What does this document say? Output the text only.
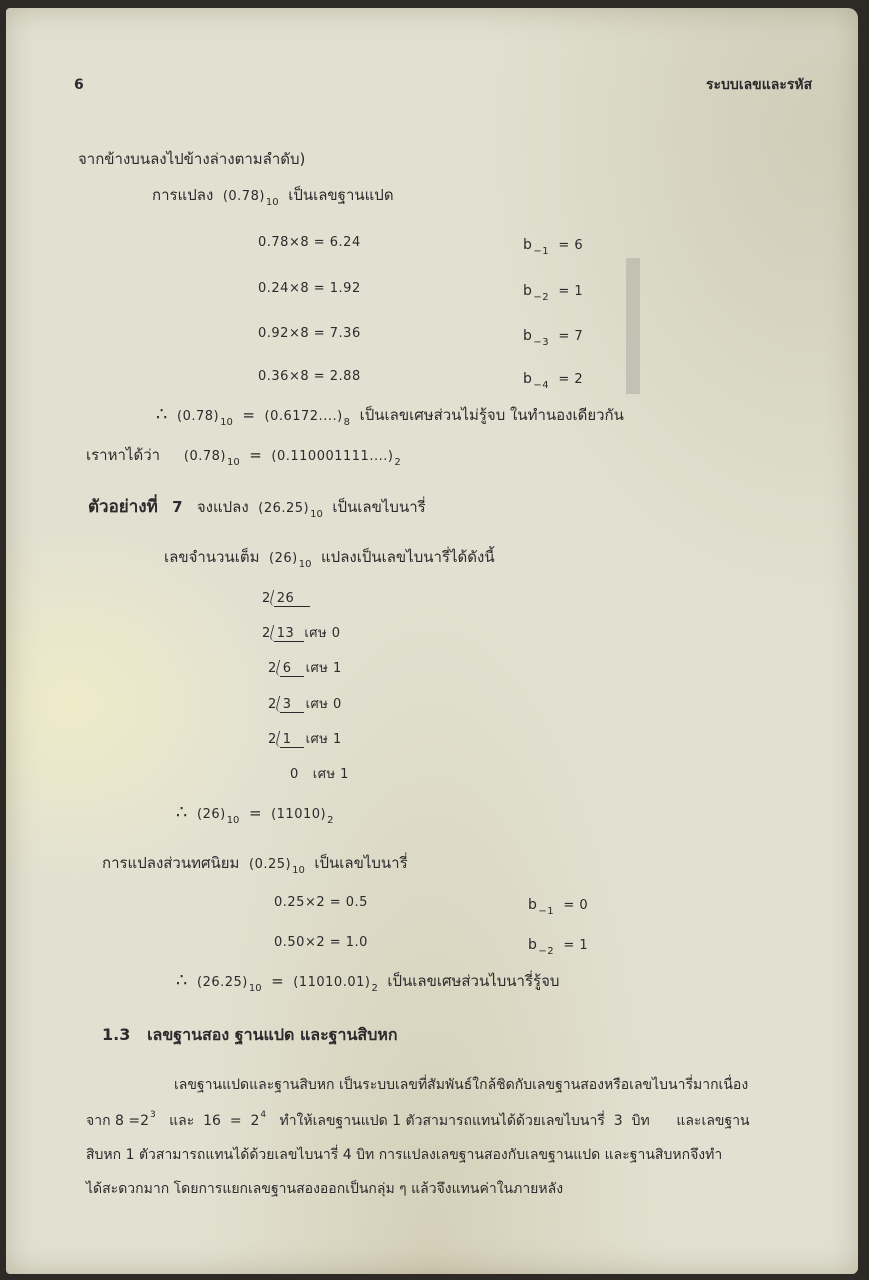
6	ระบบเลขและรหัส
จากข้างบนลงไปข้างล่างตามลำดับ)
การแปลง $(0.78)_{10}$ เป็นเลขฐานแปด
0.78×8 = 6.24	$b_{-1} = 6$
0.24×8 = 1.92	$b_{-2} = 1$
0.92×8 = 7.36	$b_{-3} = 7$
0.36×8 = 2.88	$b_{-4} = 2$
∴ $(0.78)_{10} = (0.6172....)_8$ เป็นเลขเศษส่วนไม่รู้จบ ในทำนองเดียวกัน
เราหาได้ว่า $(0.78)_{10} = (0.110001111....)_2$
ตัวอย่างที่ 7 จงแปลง $(26.25)_{10}$ เป็นเลขไบนารี่
เลขจำนวนเต็ม $(26)_{10}$ แปลงเป็นเลขไบนารี่ได้ดังนี้
2 26
2 13 เศษ 0
2 6 เศษ 1
2 3 เศษ 0
2 1 เศษ 1
0 เศษ 1
∴ $(26)_{10} = (11010)_2$
การแปลงส่วนทศนิยม $(0.25)_{10}$ เป็นเลขไบนารี่
0.25×2 = 0.5	$b_{-1} = 0$
0.50×2 = 1.0	$b_{-2} = 1$
∴ $(26.25)_{10} = (11010.01)_2$ เป็นเลขเศษส่วนไบนารี่รู้จบ
1.3 เลขฐานสอง ฐานแปด และฐานสิบหก
เลขฐานแปดและฐานสิบหก เป็นระบบเลขที่สัมพันธ์ใกล้ชิดกับเลขฐานสองหรือเลขไบนารี่มากเนื่อง
จาก $8 =2^3$   และ  $16 = 2^4$   ทำให้เลขฐานแปด 1 ตัวสามารถแทนได้ด้วยเลขไบนารี่  3  บิท      และเลขฐาน
สิบหก 1 ตัวสามารถแทนได้ด้วยเลขไบนารี่ 4 บิท การแปลงเลขฐานสองกับเลขฐานแปด และฐานสิบหกจึงทำ
ได้สะดวกมาก โดยการแยกเลขฐานสองออกเป็นกลุ่ม ๆ แล้วจึงแทนค่าในภายหลัง
